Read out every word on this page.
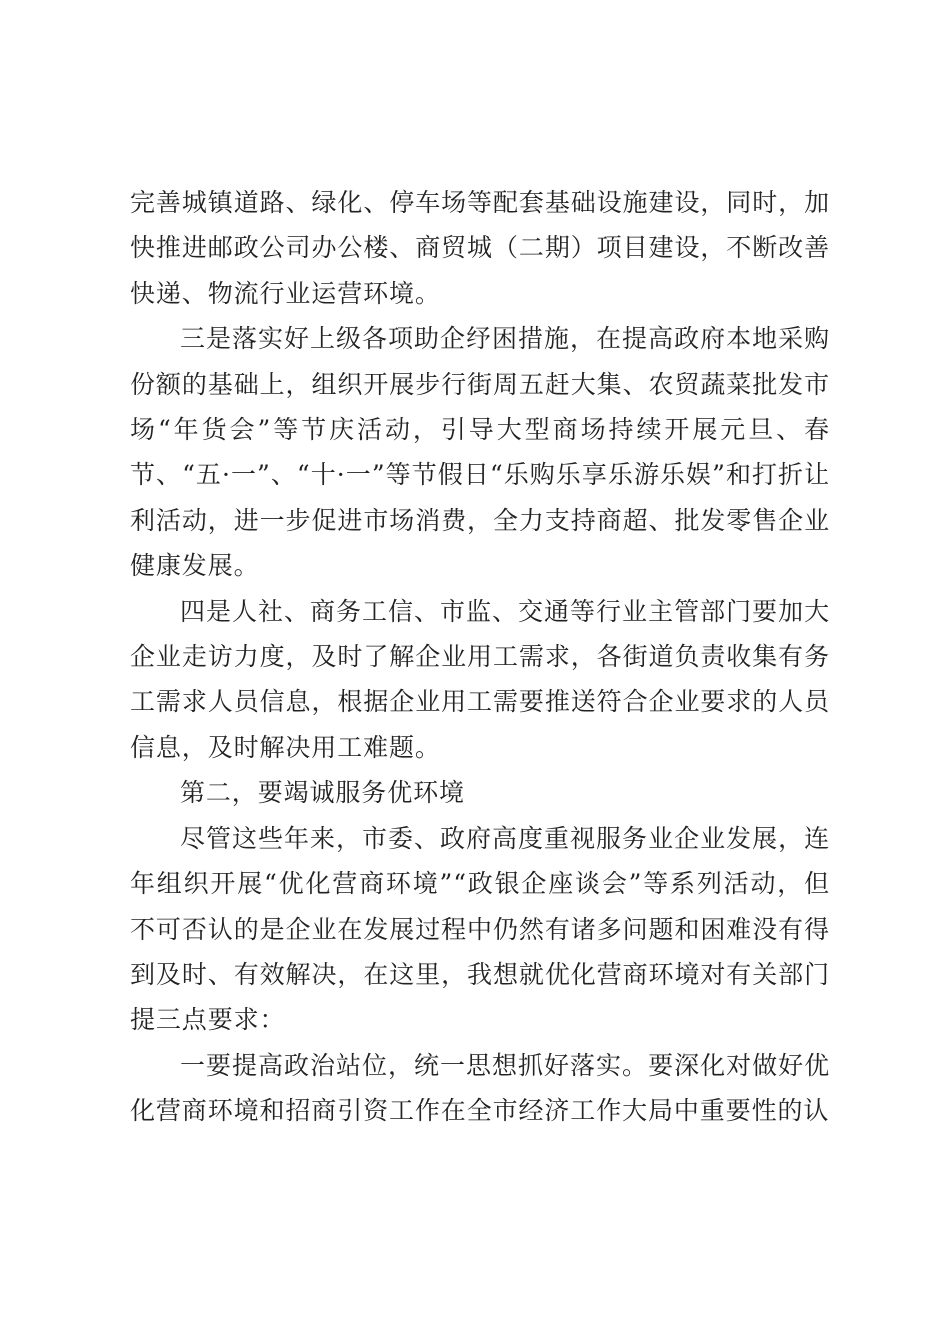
完善城镇道路、绿化、停车场等配套基础设施建设，同时，加快推进邮政公司办公楼、商贸城（二期）项目建设，不断改善快递、物流行业运营环境。

三是落实好上级各项助企纾困措施，在提高政府本地采购份额的基础上，组织开展步行街周五赶大集、农贸蔬菜批发市场“年货会”等节庆活动，引导大型商场持续开展元旦、春节、“五·一”、“十·一”等节假日“乐购乐享乐游乐娱”和打折让利活动，进一步促进市场消费，全力支持商超、批发零售企业健康发展。

四是人社、商务工信、市监、交通等行业主管部门要加大企业走访力度，及时了解企业用工需求，各街道负责收集有务工需求人员信息，根据企业用工需要推送符合企业要求的人员信息，及时解决用工难题。

第二，要竭诚服务优环境

尽管这些年来，市委、政府高度重视服务业企业发展，连年组织开展“优化营商环境”“政银企座谈会”等系列活动，但不可否认的是企业在发展过程中仍然有诸多问题和困难没有得到及时、有效解决，在这里，我想就优化营商环境对有关部门提三点要求：

一要提高政治站位，统一思想抓好落实。要深化对做好优化营商环境和招商引资工作在全市经济工作大局中重要性的认
